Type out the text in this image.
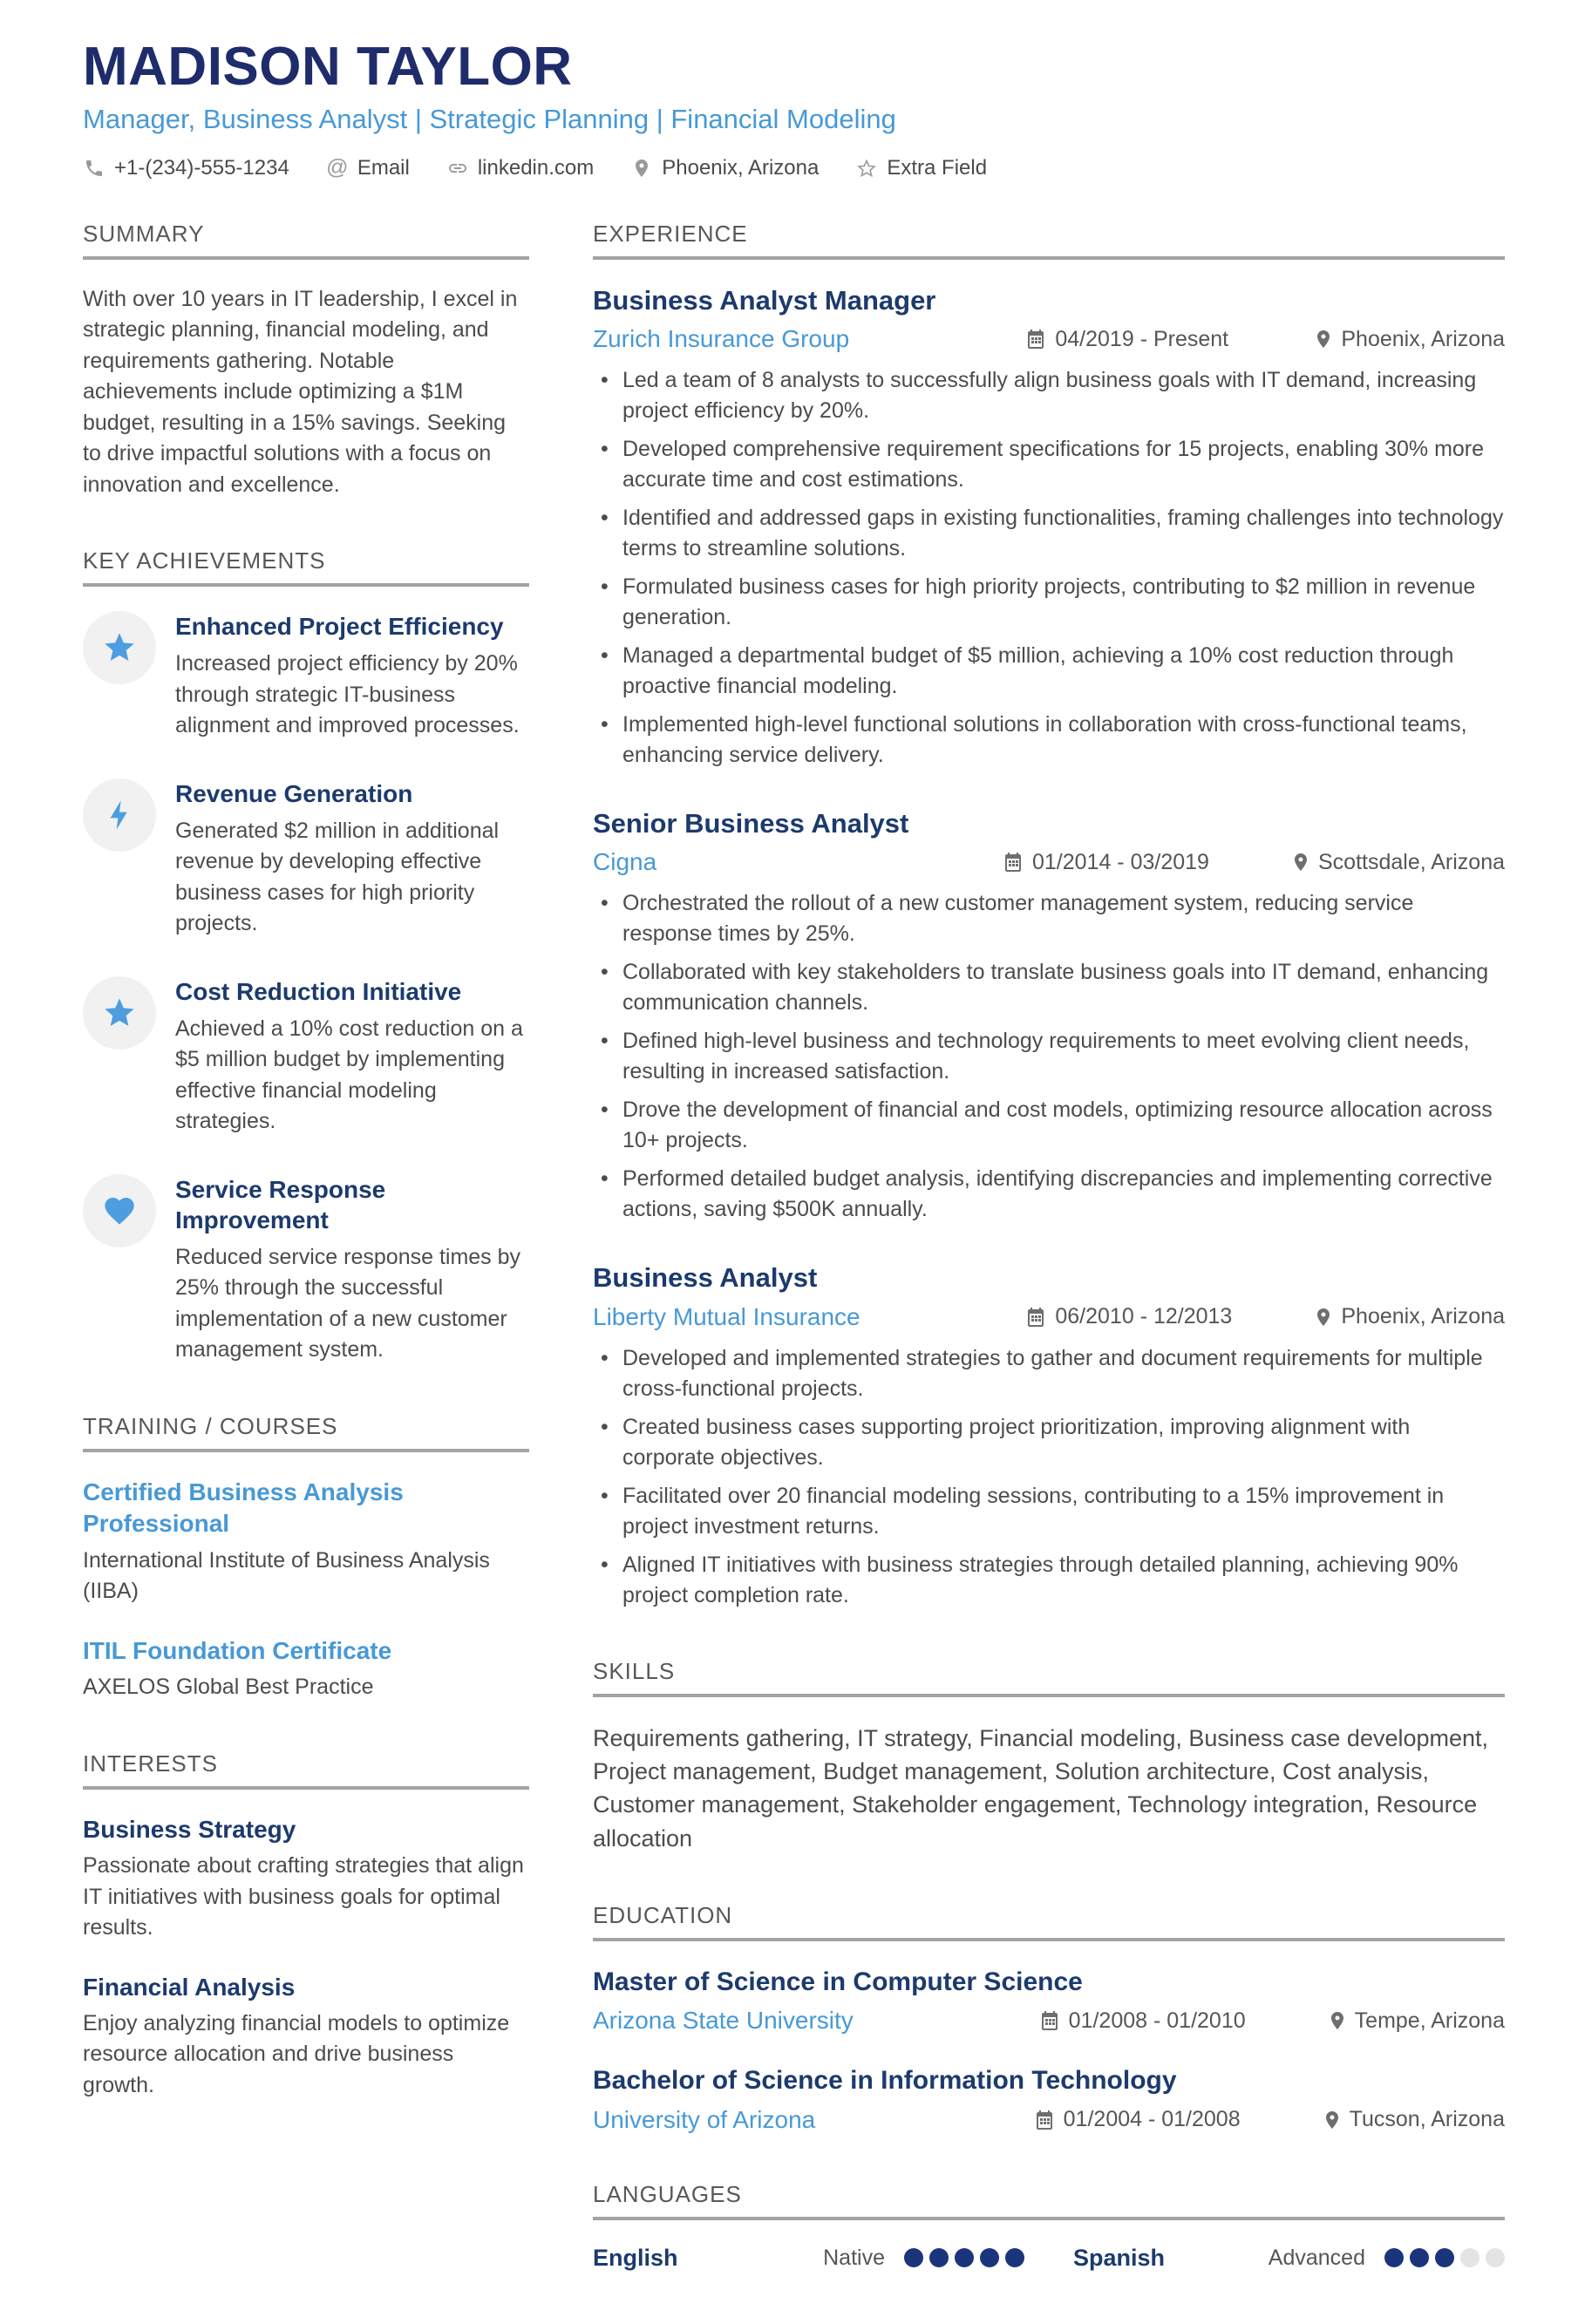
MADISON TAYLOR
Manager, Business Analyst | Strategic Planning | Financial Modeling
+1-(234)-555-1234 @ Email	linkedin.com	Phoenix, Arizona	Extra Field
SUMMARY

With over 10 years in IT leadership, I excel in strategic planning, financial modeling, and requirements gathering. Notable achievements include optimizing a $1M budget, resulting in a 15% savings. Seeking to drive impactful solutions with a focus on innovation and excellence.

KEY ACHIEVEMENTS
Enhanced Project Efficiency
Increased project efficiency by 20% through strategic IT-business alignment and improved processes.
Revenue Generation
Generated $2 million in additional revenue by developing effective business cases for high priority projects.
Cost Reduction Initiative
Achieved a 10% cost reduction on a $5 million budget by implementing effective financial modeling strategies.
Service Response Improvement
Reduced service response times by 25% through the successful implementation of a new customer management system.
TRAINING / COURSES
Certified Business Analysis Professional
International Institute of Business Analysis (IIBA)
ITIL Foundation Certificate
AXELOS Global Best Practice
INTERESTS
Business Strategy
Passionate about crafting strategies that align IT initiatives with business goals for optimal results.
Financial Analysis
Enjoy analyzing financial models to optimize resource allocation and drive business growth.
EXPERIENCE
Business Analyst Manager
Zurich Insurance Group	04/2019 - Present	Phoenix, Arizona
• Led a team of 8 analysts to successfully align business goals with IT demand, increasing project efficiency by 20%.
• Developed comprehensive requirement specifications for 15 projects, enabling 30% more accurate time and cost estimations.
• Identified and addressed gaps in existing functionalities, framing challenges into technology terms to streamline solutions.
• Formulated business cases for high priority projects, contributing to $2 million in revenue generation.
• Managed a departmental budget of $5 million, achieving a 10% cost reduction through proactive financial modeling.
• Implemented high-level functional solutions in collaboration with cross-functional teams, enhancing service delivery.
Senior Business Analyst
Cigna	01/2014 - 03/2019	Scottsdale, Arizona
• Orchestrated the rollout of a new customer management system, reducing service response times by 25%.
• Collaborated with key stakeholders to translate business goals into IT demand, enhancing communication channels.
• Defined high-level business and technology requirements to meet evolving client needs, resulting in increased satisfaction.
• Drove the development of financial and cost models, optimizing resource allocation across 10+ projects.
• Performed detailed budget analysis, identifying discrepancies and implementing corrective actions, saving $500K annually.
Business Analyst
Liberty Mutual Insurance	06/2010 - 12/2013	Phoenix, Arizona
• Developed and implemented strategies to gather and document requirements for multiple cross-functional projects.
• Created business cases supporting project prioritization, improving alignment with corporate objectives.
• Facilitated over 20 financial modeling sessions, contributing to a 15% improvement in project investment returns.
• Aligned IT initiatives with business strategies through detailed planning, achieving 90% project completion rate.
SKILLS

Requirements gathering, IT strategy, Financial modeling, Business case development, Project management, Budget management, Solution architecture, Cost analysis, Customer management, Stakeholder engagement, Technology integration, Resource allocation

EDUCATION
Master of Science in Computer Science
Arizona State University	01/2008 - 01/2010	Tempe, Arizona
Bachelor of Science in Information Technology
University of Arizona	01/2004 - 01/2008	Tucson, Arizona
LANGUAGES
English	Native	Spanish	Advanced
